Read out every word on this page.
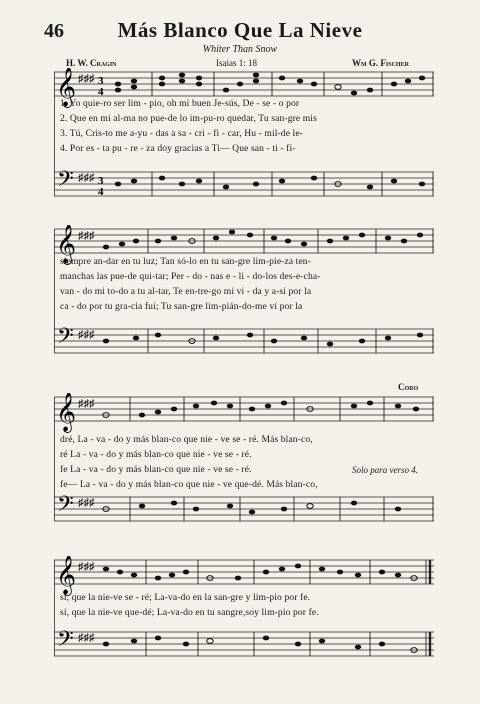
46	Más Blanco Que La Nieve
Whiter Than Snow
H. W. Cragin	Isaias 1: 18	Wm G. Fischer
𝄞
𝄢
♯♯♯
♯♯♯
3
4
3
4
1. Yo quie-ro ser lim - pio, oh mi buen Je-sús, De - se - o por
2. Que en mi al-ma no pue-de lo im-pu-ro quedar, Tu san-gre mis
3. Tú, Cris-to me a-yu - das a sa - cri - fi - car, Hu - mil-de le-
4. Por es - ta pu - re - za doy gracias a Ti— Que san - ti - fi-
𝄞
𝄢
♯♯♯
♯♯♯
siempre an-dar en tu luz; Tan só-lo en tu san-gre lim-pie-za ten-
manchas las pue-de qui-tar; Per - do - nas e - li - do-los des-e-cha-
van - do mi to-do a tu al-tar, Te en-tre-go mi vi - da y a-sí por la
ca - do por tu gra-cia fuí; Tu san-gre lim-pián-do-me ví por la
Coro
𝄞
𝄢
♯♯♯
♯♯♯
dré, La - va - do y más blan-co que nie - ve se - ré. Más blan-co,
ré La - va - do y más blan-co que nie - ve se - ré.
fe La - va - do y más blan-co que nie - ve se - ré.
fe— La - va - do y más blan-co que nie - ve que-dé. Más blan-co,
Solo para verso 4.
𝄞
𝄢
♯♯♯
♯♯♯
sí, que la nie-ve se - ré; La-va-do en la san-gre y lim-pio por fe.
sí, que la nie-ve que-dé; La-va-do en tu sangre,soy lim-pio por fe.
